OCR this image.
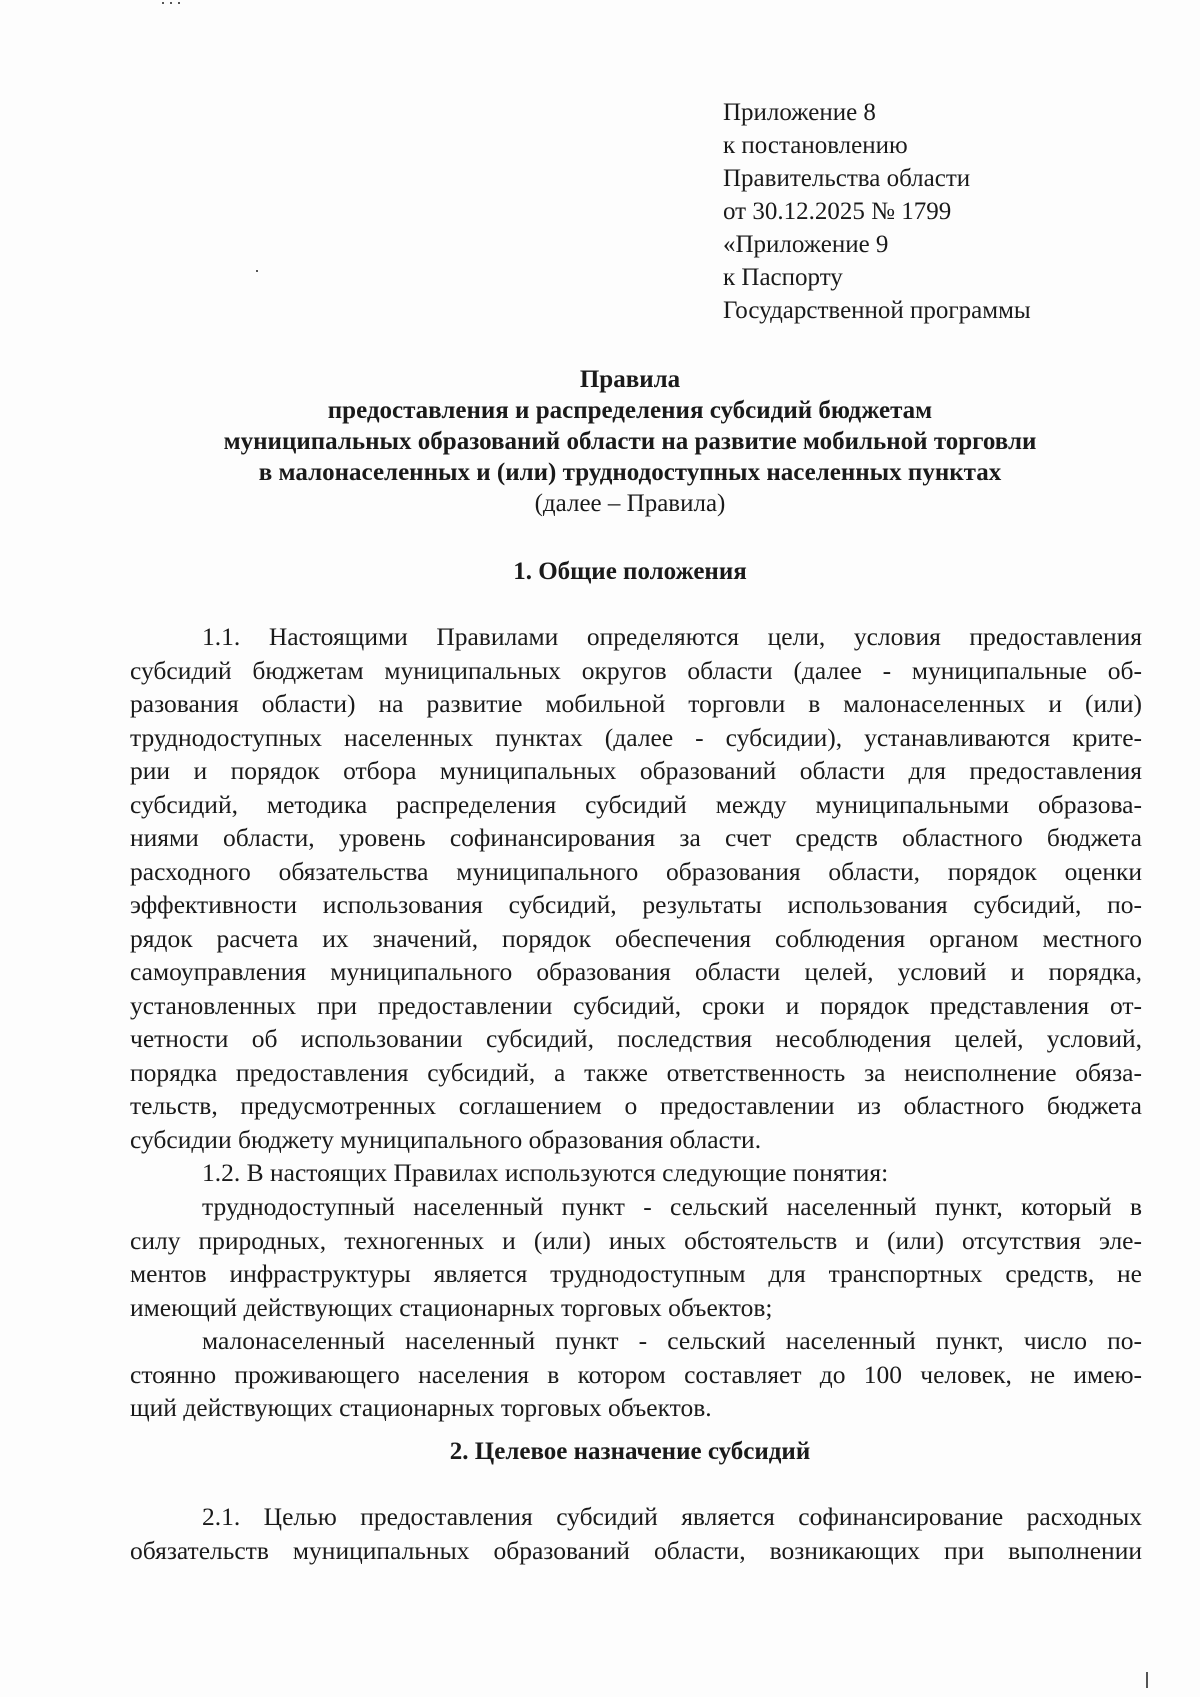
Приложение 8
к постановлению
Правительства области
от 30.12.2025 № 1799
«Приложение 9
к Паспорту
Государственной программы
Правила
предоставления и распределения субсидий бюджетам
муниципальных образований области на развитие мобильной торговли
в малонаселенных и (или) труднодоступных населенных пунктах
(далее – Правила)
1. Общие положения
1.1. Настоящими Правилами определяются цели, условия предоставления
субсидий бюджетам муниципальных округов области (далее - муниципальные об-
разования области) на развитие мобильной торговли в малонаселенных и (или)
труднодоступных населенных пунктах (далее - субсидии), устанавливаются крите-
рии и порядок отбора муниципальных образований области для предоставления
субсидий, методика распределения субсидий между муниципальными образова-
ниями области, уровень софинансирования за счет средств областного бюджета
расходного обязательства муниципального образования области, порядок оценки
эффективности использования субсидий, результаты использования субсидий, по-
рядок расчета их значений, порядок обеспечения соблюдения органом местного
самоуправления муниципального образования области целей, условий и порядка,
установленных при предоставлении субсидий, сроки и порядок представления от-
четности об использовании субсидий, последствия несоблюдения целей, условий,
порядка предоставления субсидий, а также ответственность за неисполнение обяза-
тельств, предусмотренных соглашением о предоставлении из областного бюджета
субсидии бюджету муниципального образования области.
1.2. В настоящих Правилах используются следующие понятия:
труднодоступный населенный пункт - сельский населенный пункт, который в
силу природных, техногенных и (или) иных обстоятельств и (или) отсутствия эле-
ментов инфраструктуры является труднодоступным для транспортных средств, не
имеющий действующих стационарных торговых объектов;
малонаселенный населенный пункт - сельский населенный пункт, число по-
стоянно проживающего населения в котором составляет до 100 человек, не имею-
щий действующих стационарных торговых объектов.
2. Целевое назначение субсидий
2.1. Целью предоставления субсидий является софинансирование расходных
обязательств муниципальных образований области, возникающих при выполнении
